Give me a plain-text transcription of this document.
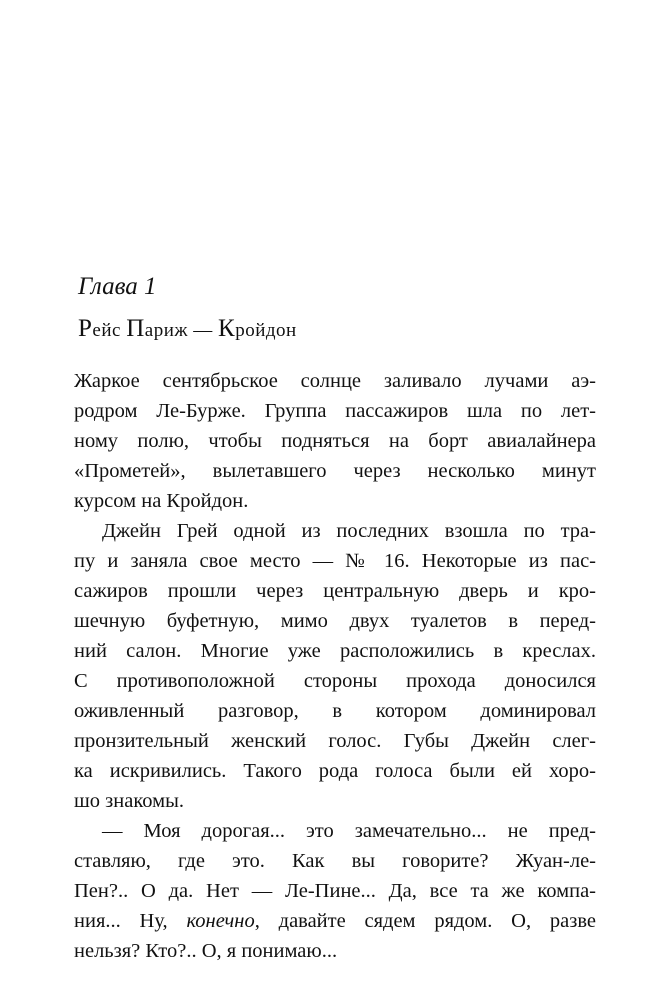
Глава 1
Рейс Париж — Кройдон
Жаркое сентябрьское солнце заливало лучами аэ-
родром Ле-Бурже. Группа пассажиров шла по лет-
ному полю, чтобы подняться на борт авиалайнера
«Прометей», вылетавшего через несколько минут
курсом на Кройдон.
Джейн Грей одной из последних взошла по тра-
пу и заняла свое место — № 16. Некоторые из пас-
сажиров прошли через центральную дверь и кро-
шечную буфетную, мимо двух туалетов в перед-
ний салон. Многие уже расположились в креслах.
С противоположной стороны прохода доносился
оживленный разговор, в котором доминировал
пронзительный женский голос. Губы Джейн слег-
ка искривились. Такого рода голоса были ей хоро-
шо знакомы.
— Моя дорогая... это замечательно... не пред-
ставляю, где это. Как вы говорите? Жуан-ле-
Пен?.. О да. Нет — Ле-Пине... Да, все та же компа-
ния... Ну, конечно, давайте сядем рядом. О, разве
нельзя? Кто?.. О, я понимаю...
